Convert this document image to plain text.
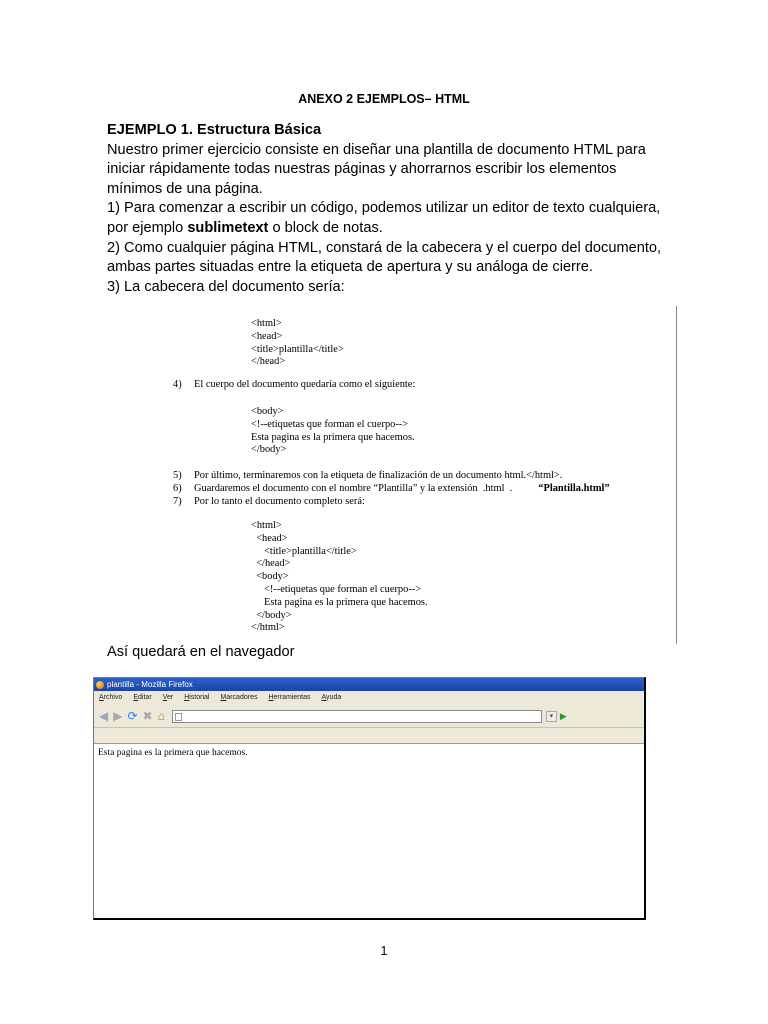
ANEXO 2 EJEMPLOS– HTML

EJEMPLO 1. Estructura Básica

Nuestro primer ejercicio consiste en diseñar una plantilla de documento HTML para iniciar rápidamente todas nuestras páginas y ahorrarnos escribir los elementos mínimos de una página.

1) Para comenzar a escribir un código, podemos utilizar un editor de texto cualquiera, por ejemplo sublimetext o block de notas.

2) Como cualquier página HTML, constará de la cabecera y el cuerpo del documento, ambas partes situadas entre la etiqueta de apertura y su análoga de cierre.

3) La cabecera del documento sería:

<html>
<head>
<title>plantilla</title>
</head>
4)	El cuerpo del documento quedaría como el siguiente:
<body>
<!--etiquetas que forman el cuerpo-->
Esta pagina es la primera que hacemos.
</body>
5)	Por último, terminaremos con la etiqueta de finalización de un documento html.</html>.
6)	Guardaremos el documento con el nombre “Plantilla” y la extensión  .html  .	“Plantilla.html”
7)	Por lo tanto el documento completo será:
<html>
<head>
<title>plantilla</title>
</head>
<body>
<!--etiquetas que forman el cuerpo-->
Esta pagina es la primera que hacemos.
</body>
</html>
Así quedará en el navegador
plantilla - Mozilla Firefox
Archivo Editar Ver Historial Marcadores Herramientas Ayuda
◀ ▶ ⟳ ✖ ⌂	▾ ▶
Esta pagina es la primera que hacemos.
1
